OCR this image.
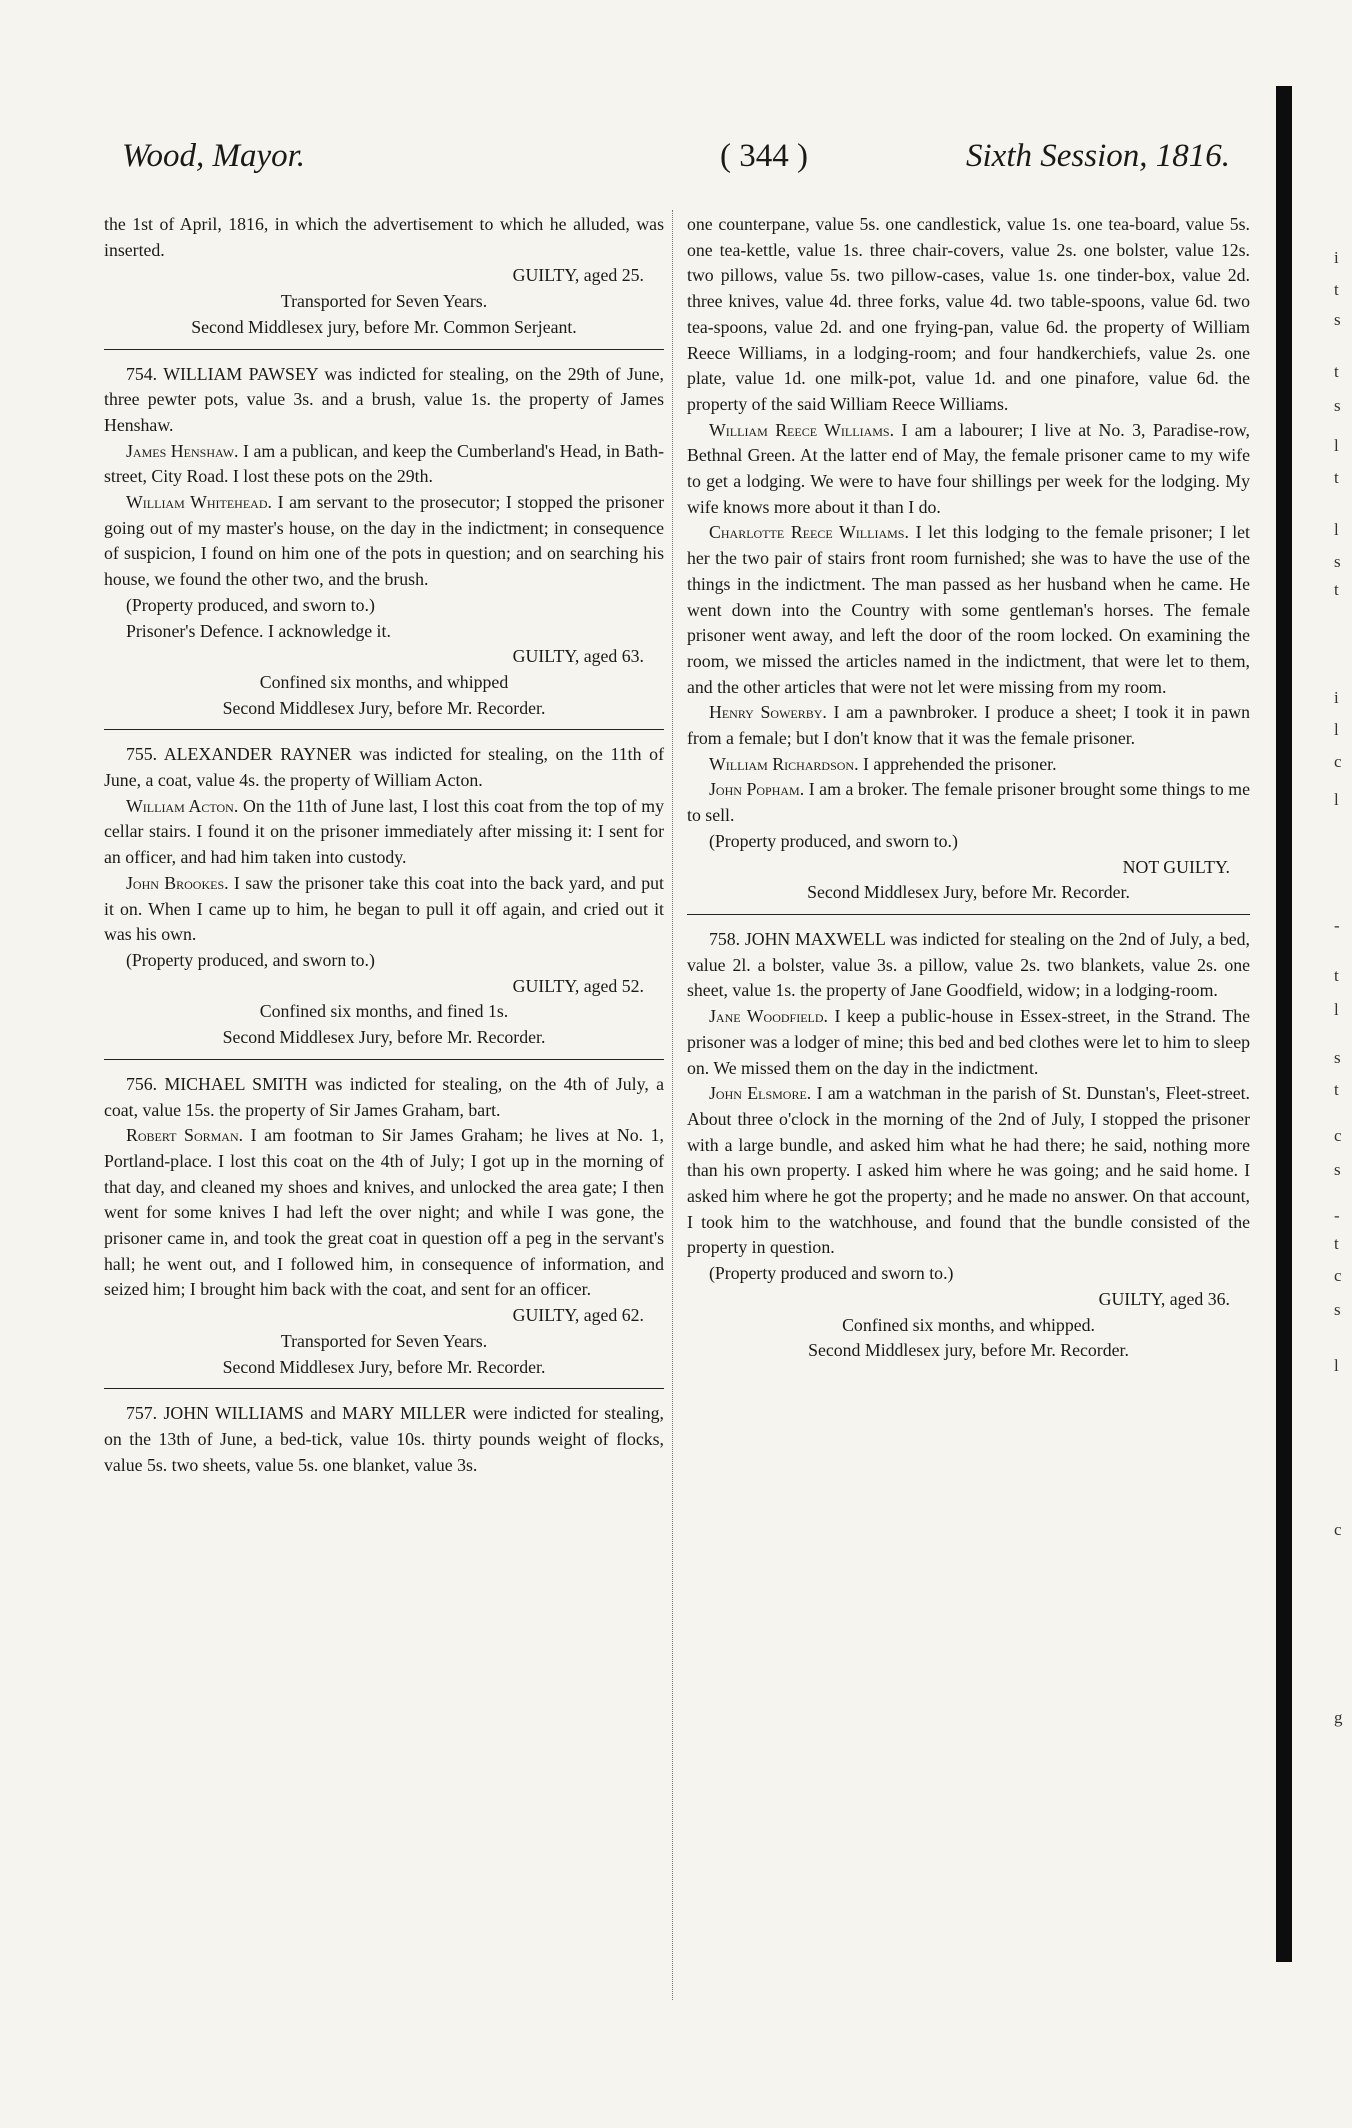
Wood, Mayor.	( 344 )	Sixth Session, 1816.

the 1st of April, 1816, in which the advertisement to which he alluded, was inserted.

GUILTY, aged 25.

Transported for Seven Years.

Second Middlesex jury, before Mr. Common Serjeant.

754. WILLIAM PAWSEY was indicted for stealing, on the 29th of June, three pewter pots, value 3s. and a brush, value 1s. the property of James Henshaw.

James Henshaw. I am a publican, and keep the Cumberland's Head, in Bath-street, City Road. I lost these pots on the 29th.

William Whitehead. I am servant to the prosecutor; I stopped the prisoner going out of my master's house, on the day in the indictment; in consequence of suspicion, I found on him one of the pots in question; and on searching his house, we found the other two, and the brush.

(Property produced, and sworn to.)

Prisoner's Defence. I acknowledge it.

GUILTY, aged 63.

Confined six months, and whipped

Second Middlesex Jury, before Mr. Recorder.

755. ALEXANDER RAYNER was indicted for stealing, on the 11th of June, a coat, value 4s. the property of William Acton.

William Acton. On the 11th of June last, I lost this coat from the top of my cellar stairs. I found it on the prisoner immediately after missing it: I sent for an officer, and had him taken into custody.

John Brookes. I saw the prisoner take this coat into the back yard, and put it on. When I came up to him, he began to pull it off again, and cried out it was his own.

(Property produced, and sworn to.)

GUILTY, aged 52.

Confined six months, and fined 1s.

Second Middlesex Jury, before Mr. Recorder.

756. MICHAEL SMITH was indicted for stealing, on the 4th of July, a coat, value 15s. the property of Sir James Graham, bart.

Robert Sorman. I am footman to Sir James Graham; he lives at No. 1, Portland-place. I lost this coat on the 4th of July; I got up in the morning of that day, and cleaned my shoes and knives, and unlocked the area gate; I then went for some knives I had left the over night; and while I was gone, the prisoner came in, and took the great coat in question off a peg in the servant's hall; he went out, and I followed him, in consequence of information, and seized him; I brought him back with the coat, and sent for an officer.

GUILTY, aged 62.

Transported for Seven Years.

Second Middlesex Jury, before Mr. Recorder.

757. JOHN WILLIAMS and MARY MILLER were indicted for stealing, on the 13th of June, a bed-tick, value 10s. thirty pounds weight of flocks, value 5s. two sheets, value 5s. one blanket, value 3s.

one counterpane, value 5s. one candlestick, value 1s. one tea-board, value 5s. one tea-kettle, value 1s. three chair-covers, value 2s. one bolster, value 12s. two pillows, value 5s. two pillow-cases, value 1s. one tinder-box, value 2d. three knives, value 4d. three forks, value 4d. two table-spoons, value 6d. two tea-spoons, value 2d. and one frying-pan, value 6d. the property of William Reece Williams, in a lodging-room; and four handkerchiefs, value 2s. one plate, value 1d. one milk-pot, value 1d. and one pinafore, value 6d. the property of the said William Reece Williams.

William Reece Williams. I am a labourer; I live at No. 3, Paradise-row, Bethnal Green. At the latter end of May, the female prisoner came to my wife to get a lodging. We were to have four shillings per week for the lodging. My wife knows more about it than I do.

Charlotte Reece Williams. I let this lodging to the female prisoner; I let her the two pair of stairs front room furnished; she was to have the use of the things in the indictment. The man passed as her husband when he came. He went down into the Country with some gentleman's horses. The female prisoner went away, and left the door of the room locked. On examining the room, we missed the articles named in the indictment, that were let to them, and the other articles that were not let were missing from my room.

Henry Sowerby. I am a pawnbroker. I produce a sheet; I took it in pawn from a female; but I don't know that it was the female prisoner.

William Richardson. I apprehended the prisoner.

John Popham. I am a broker. The female prisoner brought some things to me to sell.

(Property produced, and sworn to.)

NOT GUILTY.

Second Middlesex Jury, before Mr. Recorder.

758. JOHN MAXWELL was indicted for stealing on the 2nd of July, a bed, value 2l. a bolster, value 3s. a pillow, value 2s. two blankets, value 2s. one sheet, value 1s. the property of Jane Goodfield, widow; in a lodging-room.

Jane Woodfield. I keep a public-house in Essex-street, in the Strand. The prisoner was a lodger of mine; this bed and bed clothes were let to him to sleep on. We missed them on the day in the indictment.

John Elsmore. I am a watchman in the parish of St. Dunstan's, Fleet-street. About three o'clock in the morning of the 2nd of July, I stopped the prisoner with a large bundle, and asked him what he had there; he said, nothing more than his own property. I asked him where he was going; and he said home. I asked him where he got the property; and he made no answer. On that account, I took him to the watchhouse, and found that the bundle consisted of the property in question.

(Property produced and sworn to.)

GUILTY, aged 36.

Confined six months, and whipped.

Second Middlesex jury, before Mr. Recorder.

i
t
s
t
s
l
t
l
s
t
i
l
c
l
-
t
l
s
t
c
s
-
t
c
s
l
c
g
